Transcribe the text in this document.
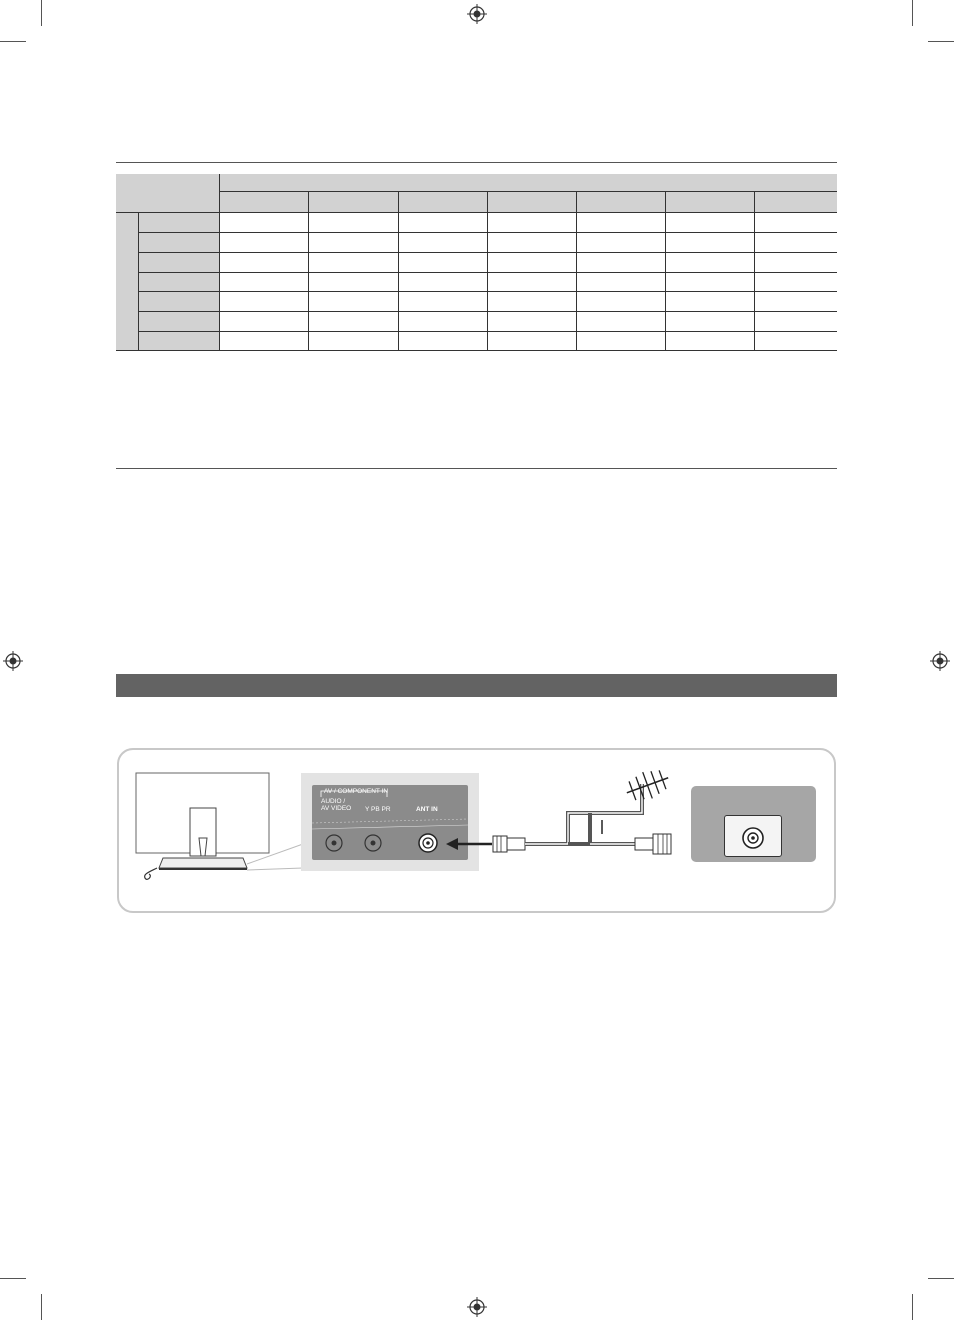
AV / COMPONENT IN
AUDIO /
AV VIDEO Y PB PR	ANT IN
